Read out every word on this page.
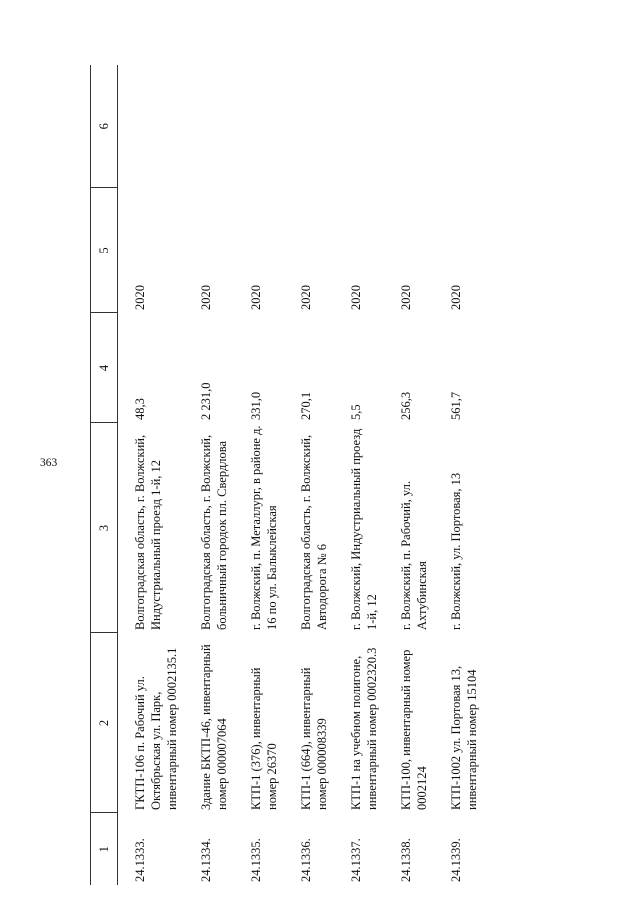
363
1	2	3	4	5	6
24.1333.	ГКТП-106 п. Рабочий ул. Октябрьская ул. Парк, инвентарный номер 0002135.1	Волгоградская область, г. Волжский, Индустриальный проезд 1-й, 12	48,3	2020	
24.1334.	Здание БКТП-46, инвентарный номер 000007064	Волгоградская область, г. Волжский, больничный городок пл. Свердлова	2 231,0	2020	
24.1335.	КТП-1 (376), инвентарный номер 26370	г. Волжский, п. Металлург, в районе д. 16 по ул. Балыклейская	331,0	2020	
24.1336.	КТП-1 (664), инвентарный номер 000008339	Волгоградская область, г. Волжский, Автодорога № 6	270,1	2020	
24.1337.	КТП-1 на учебном полигоне, инвентарный номер 0002320.3	г. Волжский, Индустриальный проезд 1-й, 12	5,5	2020	
24.1338.	КТП-100, инвентарный номер 0002124	г. Волжский, п. Рабочий, ул. Ахтубинская	256,3	2020	
24.1339.	КТП-1002 ул. Портовая 13, инвентарный номер 15104	г. Волжский, ул. Портовая, 13	561,7	2020	
